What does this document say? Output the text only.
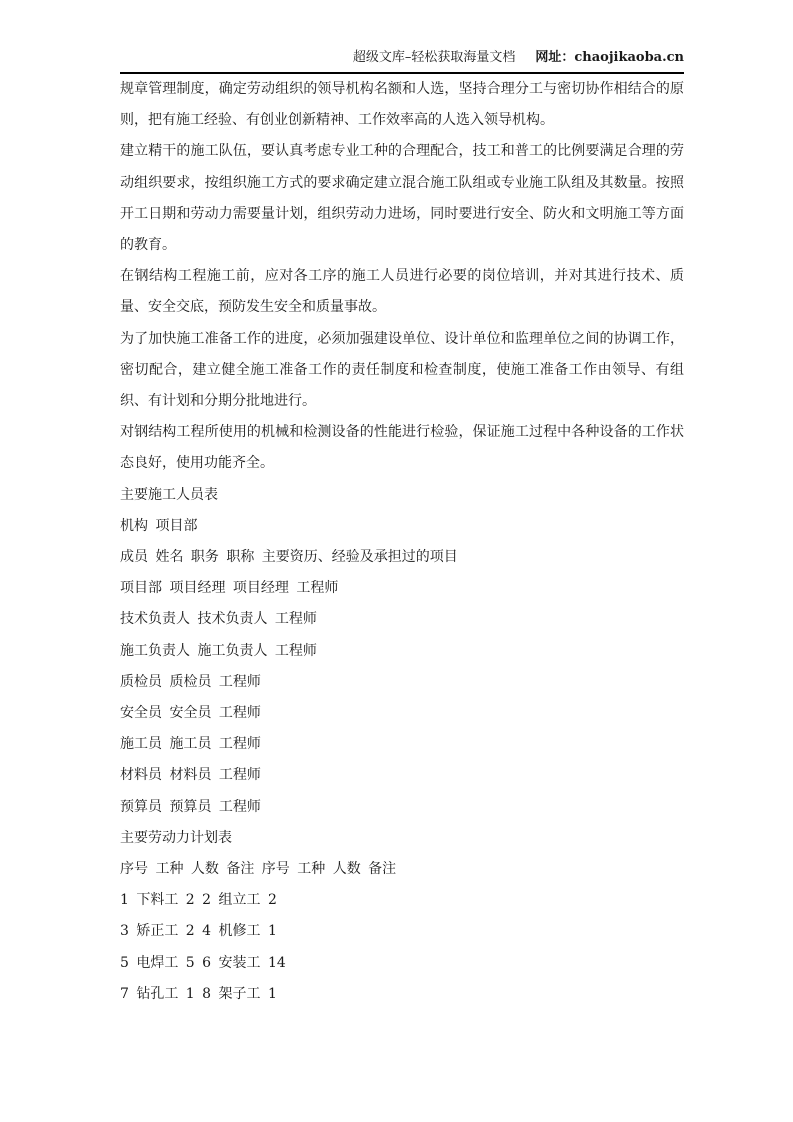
超级文库–轻松获取海量文档 网址：chaojikaoba.cn

规章管理制度，确定劳动组织的领导机构名额和人选，坚持合理分工与密切协作相结合的原则，把有施工经验、有创业创新精神、工作效率高的人选入领导机构。

建立精干的施工队伍，要认真考虑专业工种的合理配合，技工和普工的比例要满足合理的劳动组织要求，按组织施工方式的要求确定建立混合施工队组或专业施工队组及其数量。按照开工日期和劳动力需要量计划，组织劳动力进场，同时要进行安全、防火和文明施工等方面的教育。

在钢结构工程施工前，应对各工序的施工人员进行必要的岗位培训，并对其进行技术、质量、安全交底，预防发生安全和质量事故。

为了加快施工准备工作的进度，必须加强建设单位、设计单位和监理单位之间的协调工作，密切配合，建立健全施工准备工作的责任制度和检查制度，使施工准备工作由领导、有组织、有计划和分期分批地进行。

对钢结构工程所使用的机械和检测设备的性能进行检验，保证施工过程中各种设备的工作状态良好，使用功能齐全。

主要施工人员表

机构 项目部

成员 姓名 职务 职称 主要资历、经验及承担过的项目

项目部 项目经理 项目经理 工程师

技术负责人 技术负责人 工程师

施工负责人 施工负责人 工程师

质检员 质检员 工程师

安全员 安全员 工程师

施工员 施工员 工程师

材料员 材料员 工程师

预算员 预算员 工程师

主要劳动力计划表

序号 工种 人数 备注 序号 工种 人数 备注

1 下料工 2 2 组立工 2

3 矫正工 2 4 机修工 1

5 电焊工 5 6 安装工 14

7 钻孔工 1 8 架子工 1
